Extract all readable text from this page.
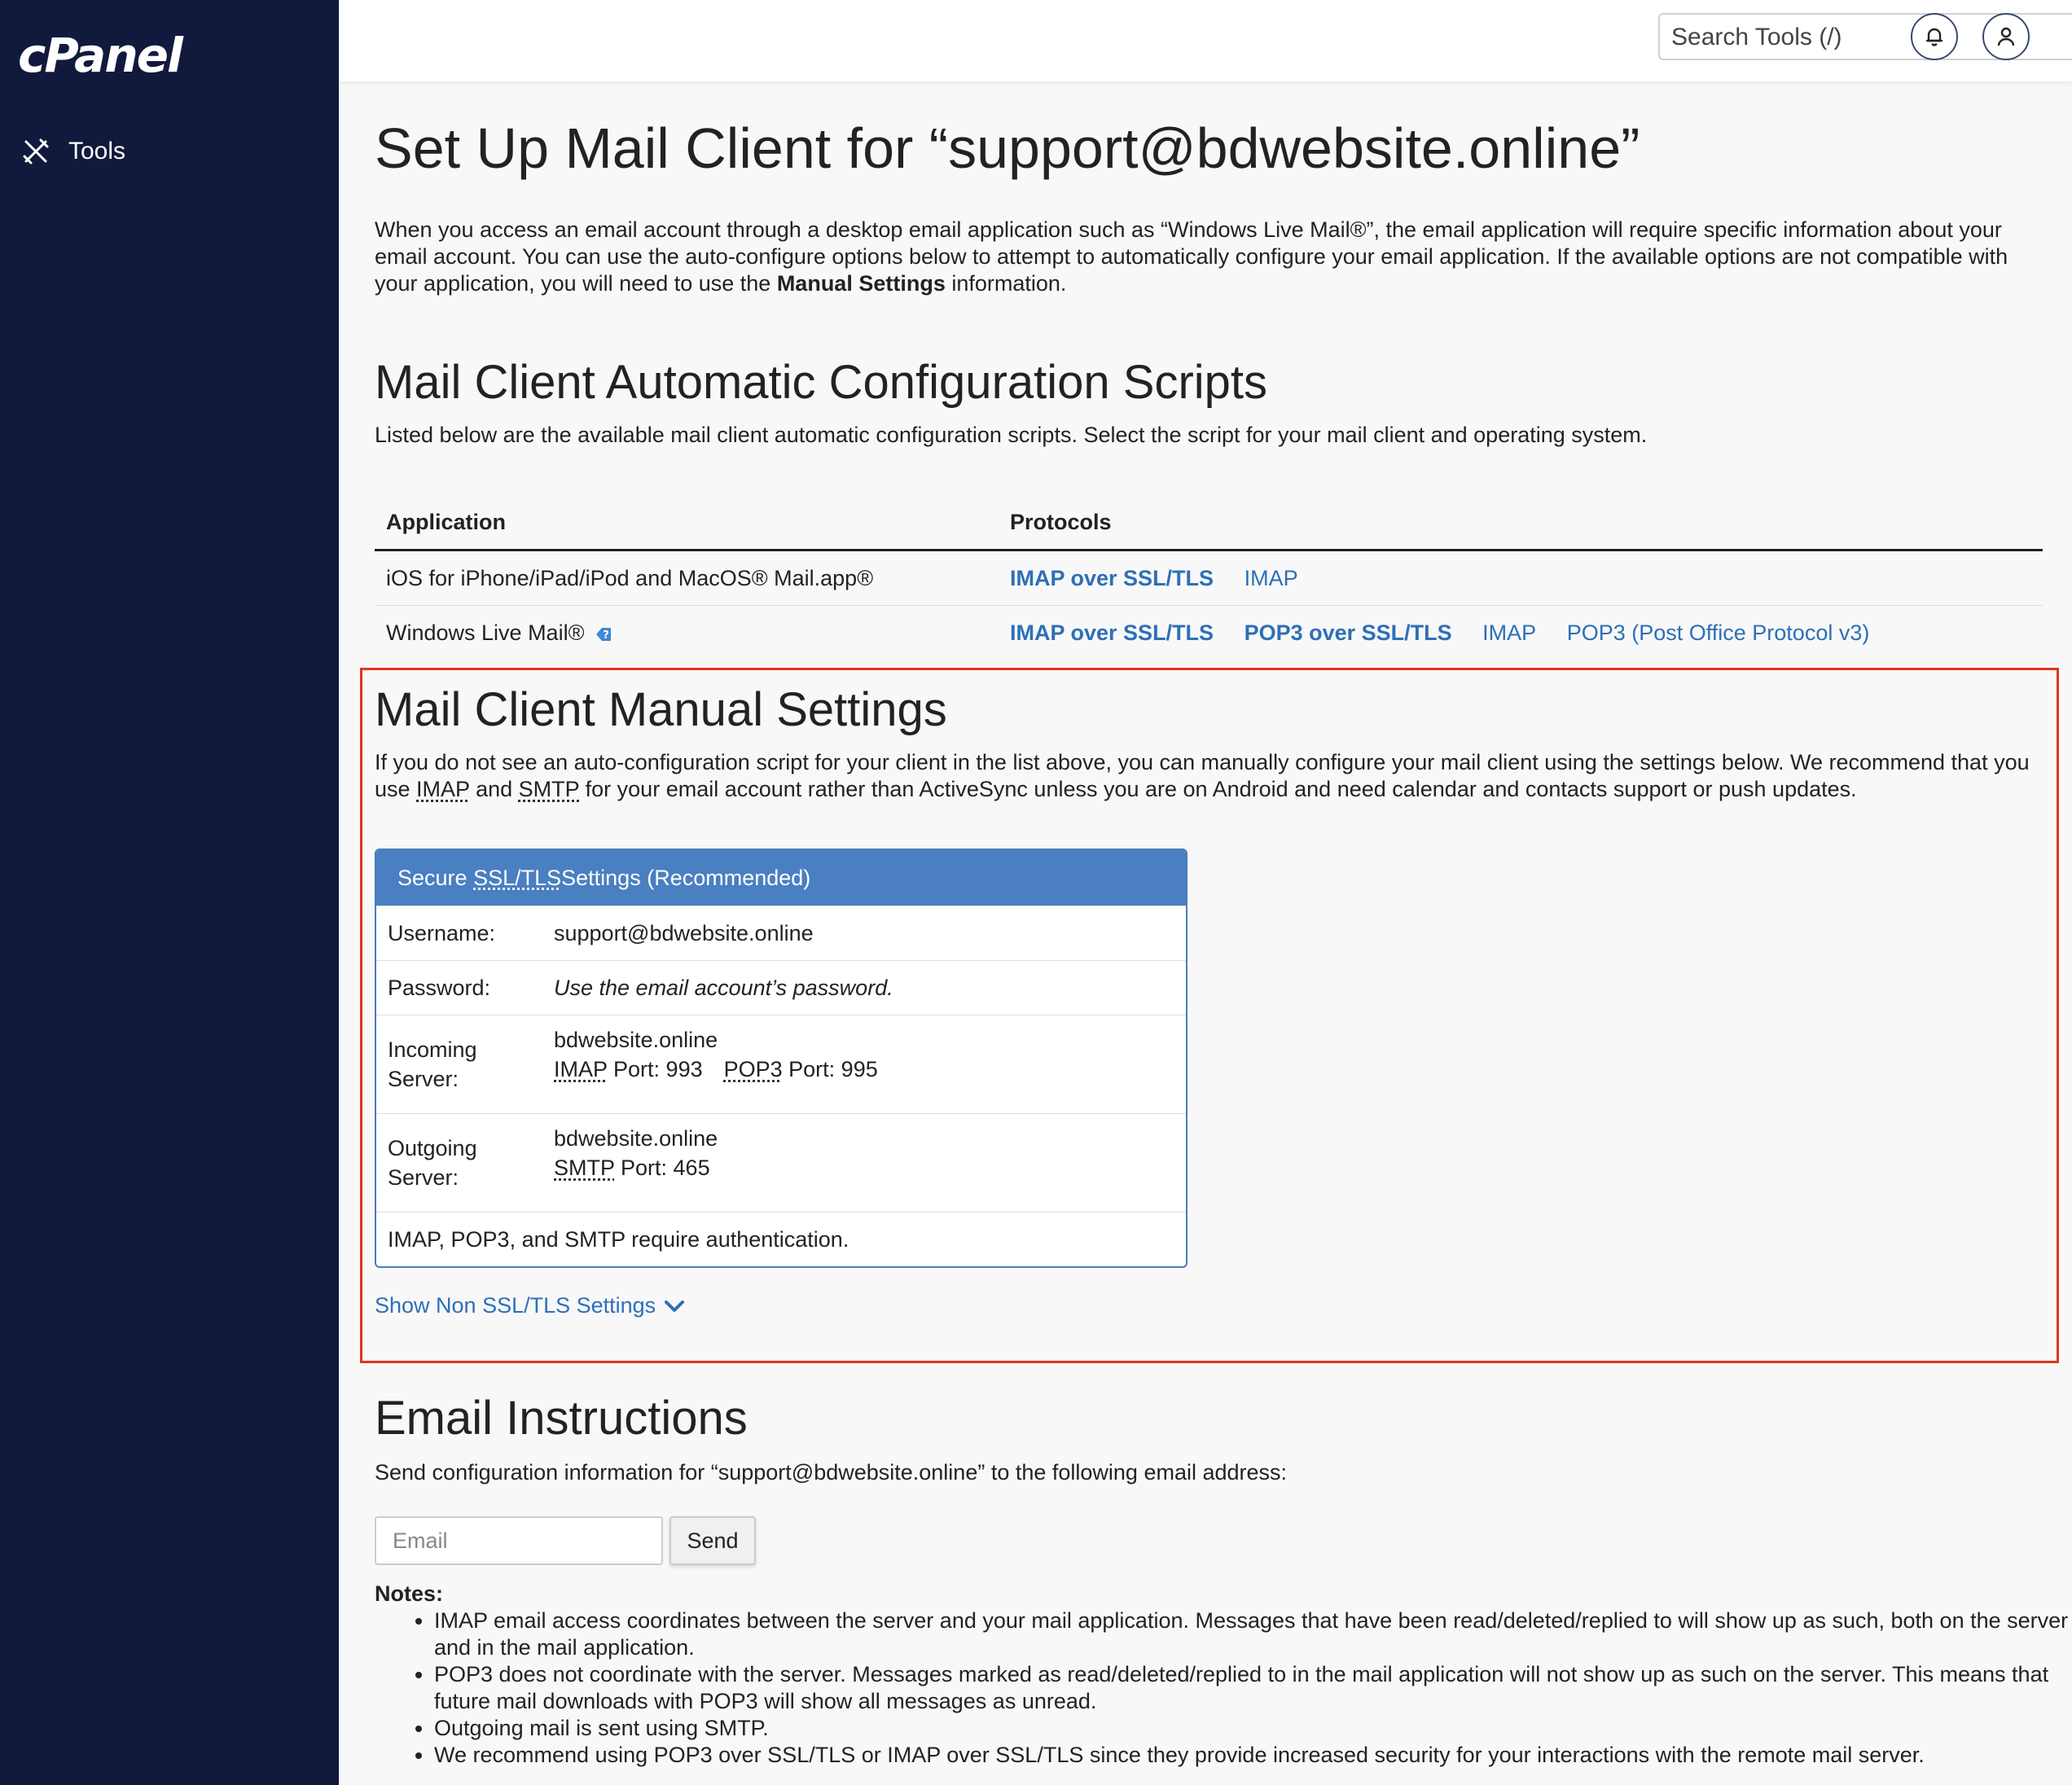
cPanel
Tools
Search Tools (/)	Set Up Mail Client for “support@bdwebsite.online”
When you access an email account through a desktop email application such as “Windows Live Mail®”, the email application will require specific information about your email account. You can use the auto-configure options below to attempt to automatically configure your email application. If the available options are not compatible with your application, you will need to use the Manual Settings information.
Mail Client Automatic Configuration Scripts
Listed below are the available mail client automatic configuration scripts. Select the script for your mail client and operating system.
Application	Protocols
iOS for iPhone/iPad/iPod and MacOS® Mail.app®	IMAP over SSL/TLS IMAP
Windows Live Mail® ?	IMAP over SSL/TLS POP3 over SSL/TLS IMAP POP3 (Post Office Protocol v3)
Mail Client Manual Settings
If you do not see an auto-configuration script for your client in the list above, you can manually configure your mail client using the settings below. We recommend that you use IMAP and SMTP for your email account rather than ActiveSync unless you are on Android and need calendar and contacts support or push updates.
Secure
SSL/TLS Settings (Recommended)
Username:	support@bdwebsite.online
Password:	Use the email account’s password.
Incoming Server:
bdwebsite.online
IMAP Port: 993 POP3 Port: 995
Outgoing Server:
bdwebsite.online
SMTP Port: 465
IMAP, POP3, and SMTP require authentication.
Show Non SSL/TLS Settings
Email Instructions
Send configuration information for “support@bdwebsite.online” to the following email address:
Email
Send
Notes:
• IMAP email access coordinates between the server and your mail application. Messages that have been read/deleted/replied to will show up as such, both on the server and in the mail application.
• POP3 does not coordinate with the server. Messages marked as read/deleted/replied to in the mail application will not show up as such on the server. This means that future mail downloads with POP3 will show all messages as unread.
• Outgoing mail is sent using SMTP.
• We recommend using POP3 over SSL/TLS or IMAP over SSL/TLS since they provide increased security for your interactions with the remote mail server.
